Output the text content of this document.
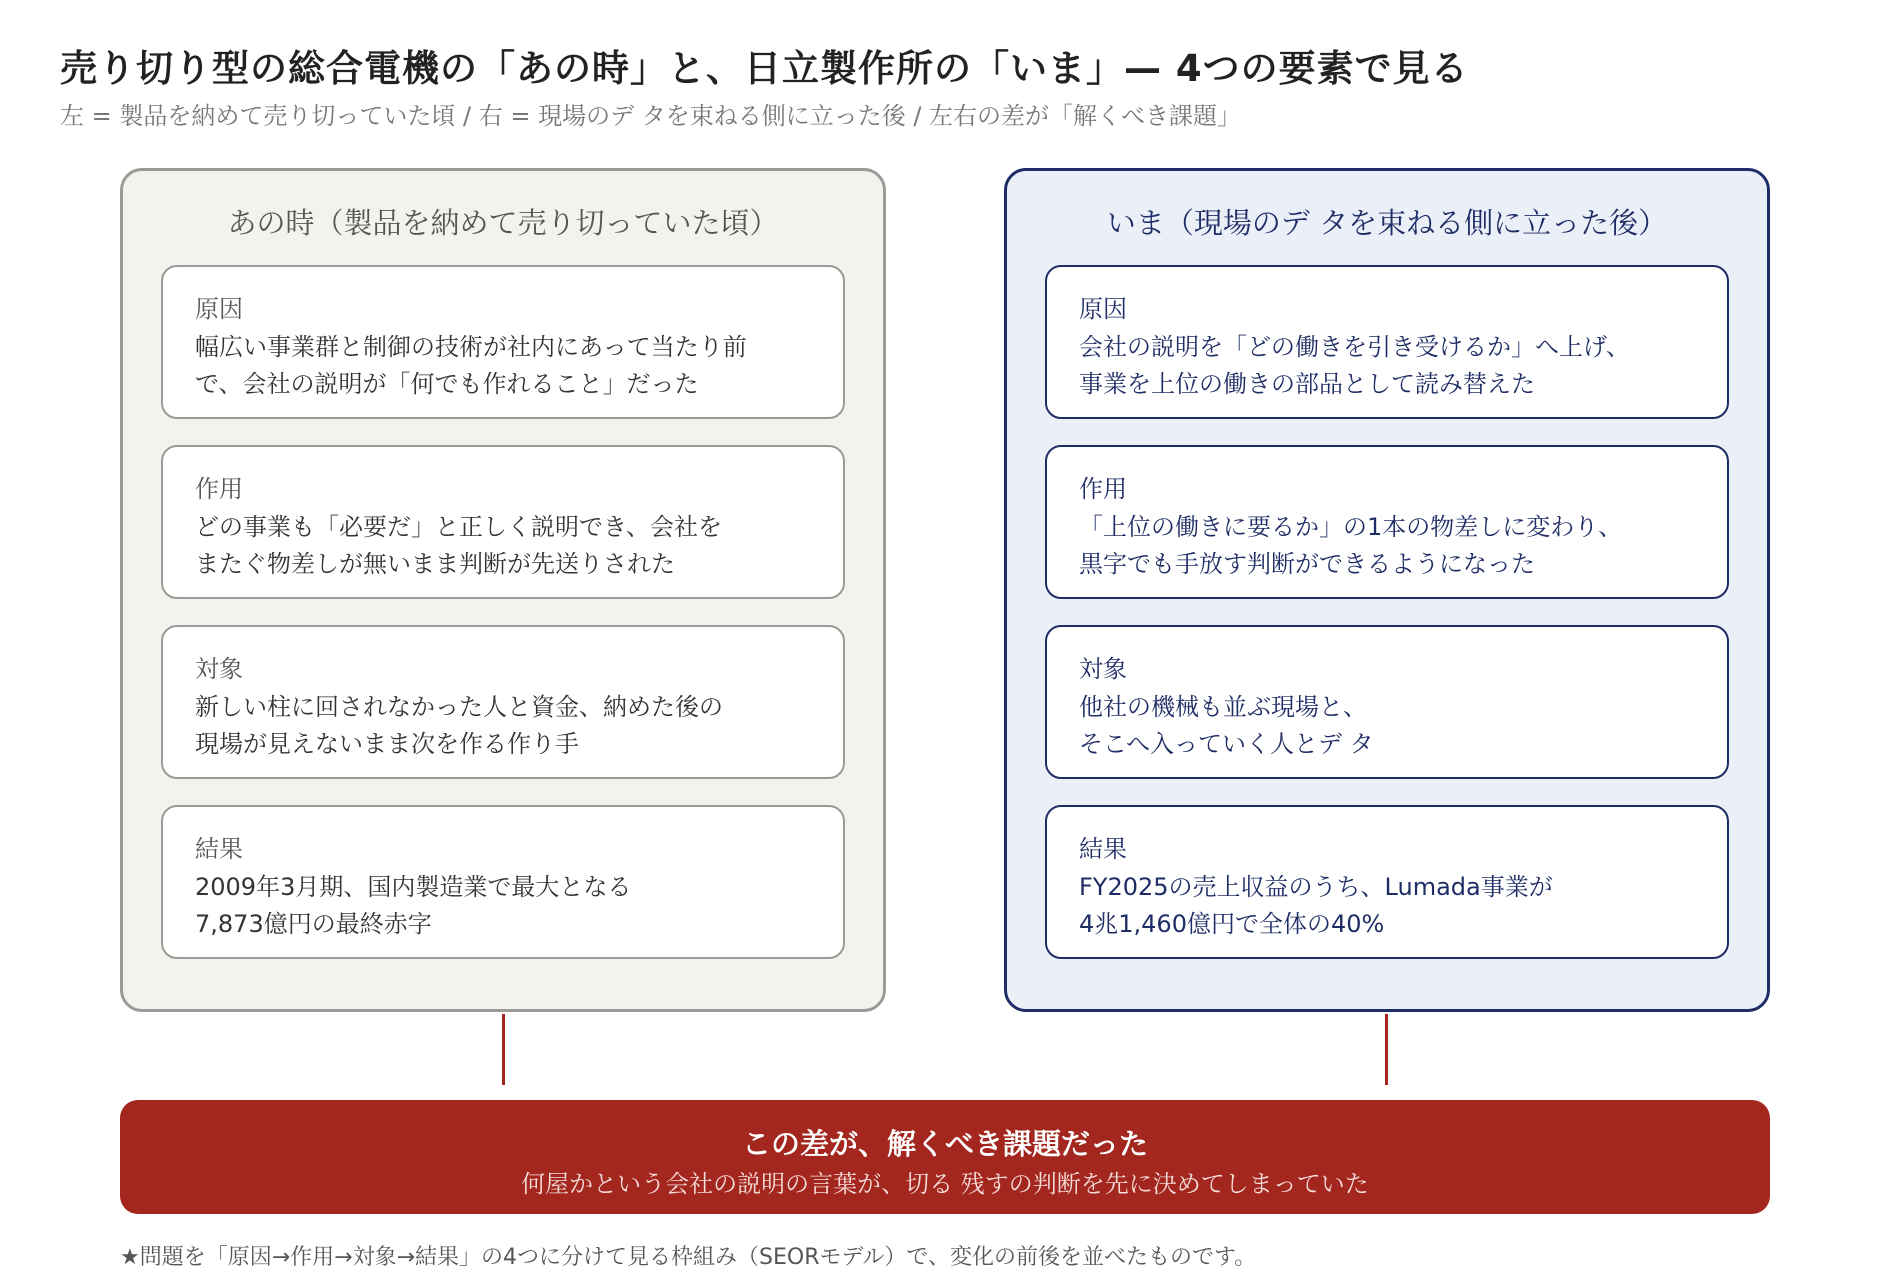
売り切り型の総合電機の「あの時」と、日立製作所の「いま」— 4つの要素で見る
左 = 製品を納めて売り切っていた頃 / 右 = 現場のデ タを束ねる側に立った後 / 左右の差が「解くべき課題」
あの時（製品を納めて売り切っていた頃）
原因
幅広い事業群と制御の技術が社内にあって当たり前
で、会社の説明が「何でも作れること」だった
作用
どの事業も「必要だ」と正しく説明でき、会社を
またぐ物差しが無いまま判断が先送りされた
対象
新しい柱に回されなかった人と資金、納めた後の
現場が見えないまま次を作る作り手
結果
2009年3月期、国内製造業で最大となる
7,873億円の最終赤字
いま（現場のデ タを束ねる側に立った後）
原因
会社の説明を「どの働きを引き受けるか」へ上げ、
事業を上位の働きの部品として読み替えた
作用
「上位の働きに要るか」の1本の物差しに変わり、
黒字でも手放す判断ができるようになった
対象
他社の機械も並ぶ現場と、
そこへ入っていく人とデ タ
結果
FY2025の売上収益のうち、Lumada事業が
4兆1,460億円で全体の40%
この差が、解くべき課題だった
何屋かという会社の説明の言葉が、切る 残すの判断を先に決めてしまっていた
★問題を「原因→作用→対象→結果」の4つに分けて見る枠組み（SEORモデル）で、変化の前後を並べたものです。
